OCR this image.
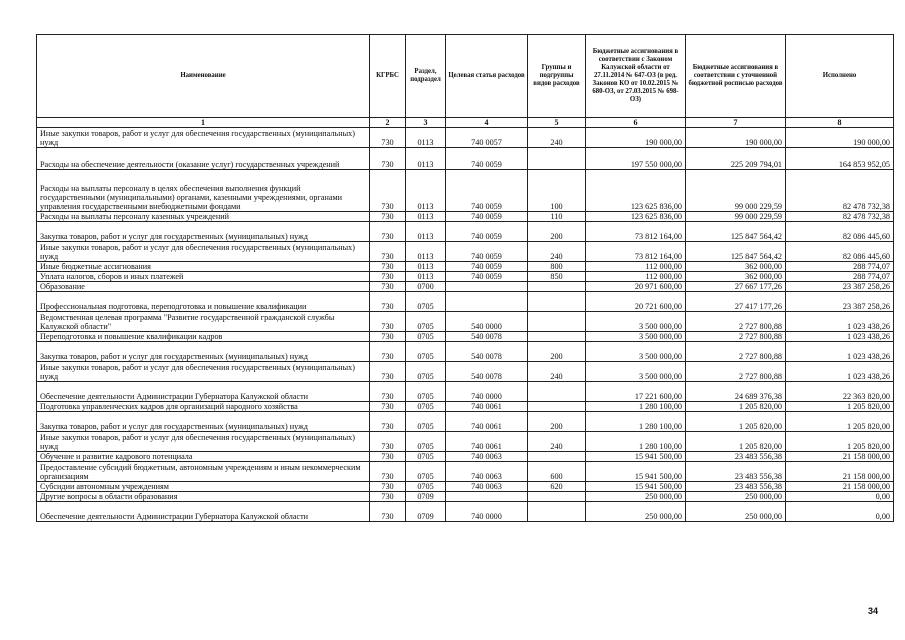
Наименование	КГРБС	Раздел, подраздел	Целевая статья расходов	Группы и подгруппы видов расходов	Бюджетные ассигнования в соответствии с Законом Калужской области от 27.11.2014 № 647-ОЗ (в ред. Законов КО от 10.02.2015 № 680-ОЗ, от 27.03.2015 № 698-ОЗ)	Бюджетные ассигнования в соответствии с уточненной бюджетной росписью расходов	Исполнено
1	2	3	4	5	6	7	8
Иные закупки товаров, работ и услуг для обеспечения государственных (муниципальных) нужд	730	0113	740 0057	240	190 000,00	190 000,00	190 000,00
Расходы на обеспечение деятельности (оказание услуг) государственных учреждений	730	0113	740 0059		197 550 000,00	225 209 794,01	164 853 952,05
Расходы на выплаты персоналу в целях обеспечения выполнения функций государственными (муниципальными) органами, казенными учреждениями, органами управления государственными внебюджетными фондами	730	0113	740 0059	100	123 625 836,00	99 000 229,59	82 478 732,38
Расходы на выплаты персоналу казенных учреждений	730	0113	740 0059	110	123 625 836,00	99 000 229,59	82 478 732,38
Закупка товаров, работ и услуг для государственных (муниципальных) нужд	730	0113	740 0059	200	73 812 164,00	125 847 564,42	82 086 445,60
Иные закупки товаров, работ и услуг для обеспечения государственных (муниципальных) нужд	730	0113	740 0059	240	73 812 164,00	125 847 564,42	82 086 445,60
Иные бюджетные ассигнования	730	0113	740 0059	800	112 000,00	362 000,00	288 774,07
Уплата налогов, сборов и иных платежей	730	0113	740 0059	850	112 000,00	362 000,00	288 774,07
Образование	730	0700			20 971 600,00	27 667 177,26	23 387 258,26
Профессиональная подготовка, переподготовка и повышение квалификации	730	0705			20 721 600,00	27 417 177,26	23 387 258,26
Ведомственная целевая программа "Развитие государственной гражданской службы Калужской области"	730	0705	540 0000		3 500 000,00	2 727 800,88	1 023 438,26
Переподготовка и повышение квалификации кадров	730	0705	540 0078		3 500 000,00	2 727 800,88	1 023 438,26
Закупка товаров, работ и услуг для государственных (муниципальных) нужд	730	0705	540 0078	200	3 500 000,00	2 727 800,88	1 023 438,26
Иные закупки товаров, работ и услуг для обеспечения государственных (муниципальных) нужд	730	0705	540 0078	240	3 500 000,00	2 727 800,88	1 023 438,26
Обеспечение деятельности Администрации Губернатора Калужской области	730	0705	740 0000		17 221 600,00	24 689 376,38	22 363 820,00
Подготовка управленческих кадров для организаций народного хозяйства	730	0705	740 0061		1 280 100,00	1 205 820,00	1 205 820,00
Закупка товаров, работ и услуг для государственных (муниципальных) нужд	730	0705	740 0061	200	1 280 100,00	1 205 820,00	1 205 820,00
Иные закупки товаров, работ и услуг для обеспечения государственных (муниципальных) нужд	730	0705	740 0061	240	1 280 100,00	1 205 820,00	1 205 820,00
Обучение и развитие кадрового потенциала	730	0705	740 0063		15 941 500,00	23 483 556,38	21 158 000,00
Предоставление субсидий бюджетным, автономным учреждениям и иным некоммерческим организациям	730	0705	740 0063	600	15 941 500,00	23 483 556,38	21 158 000,00
Субсидии автономным учреждениям	730	0705	740 0063	620	15 941 500,00	23 483 556,38	21 158 000,00
Другие вопросы в области образования	730	0709			250 000,00	250 000,00	0,00
Обеспечение деятельности Администрации Губернатора Калужской области	730	0709	740 0000		250 000,00	250 000,00	0,00
34
